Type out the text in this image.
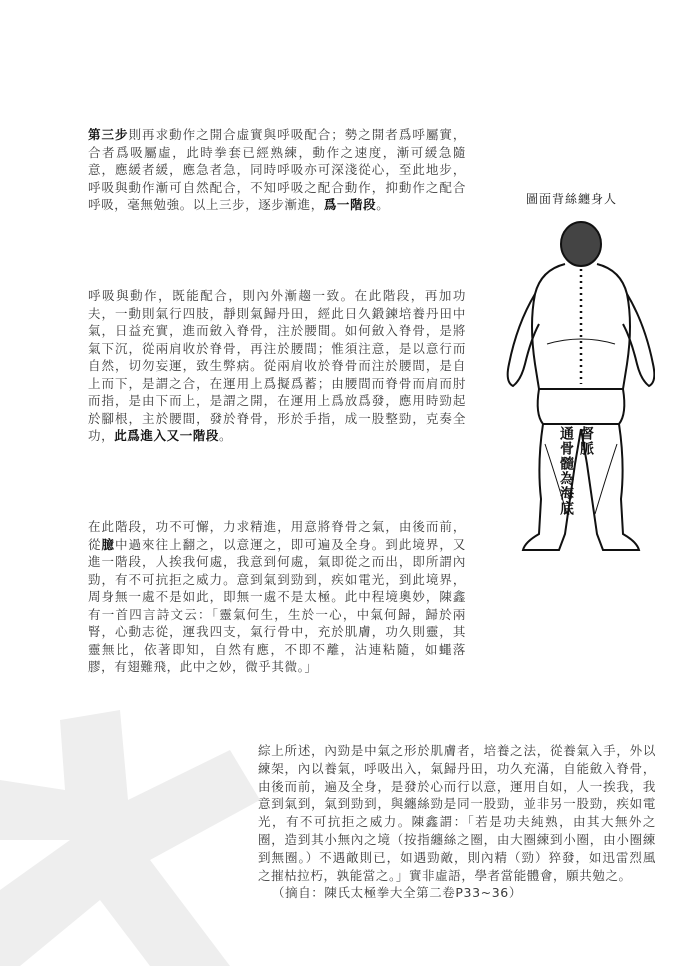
第三步則再求動作之開合虛實與呼吸配合；勢之開者爲呼屬實，合者爲吸屬虛，此時拳套已經熟練，動作之速度，漸可緩急隨意，應緩者緩，應急者急，同時呼吸亦可深淺從心，至此地步，呼吸與動作漸可自然配合，不知呼吸之配合動作，抑動作之配合呼吸，毫無勉強。以上三步，逐步漸進，爲一階段。
呼吸與動作，既能配合，則內外漸趨一致。在此階段，再加功夫，一動則氣行四肢，靜則氣歸丹田，經此日久鍛鍊培養丹田中氣，日益充實，進而斂入脊骨，注於腰間。如何斂入脊骨，是將氣下沉，從兩肩收於脊骨，再注於腰間；惟須注意，是以意行而自然，切勿妄運，致生弊病。從兩肩收於脊骨而注於腰間，是自上而下，是謂之合，在運用上爲擬爲蓄；由腰間而脊骨而肩而肘而指，是由下而上，是謂之開，在運用上爲放爲發，應用時勁起於腳根，主於腰間，發於脊骨，形於手指，成一股整勁，克奏全功，此爲進入又一階段。
在此階段，功不可懈，力求精進，用意將脊骨之氣，由後而前，從臆中過來往上翻之，以意運之，即可遍及全身。到此境界，又進一階段，人挨我何處，我意到何處，氣即從之而出，即所謂內勁，有不可抗拒之威力。意到氣到勁到，疾如電光，到此境界，周身無一處不是如此，即無一處不是太極。此中程境奧妙，陳鑫有一首四言詩文云：「靈氣何生，生於一心，中氣何歸，歸於兩腎，心動志從，運我四支，氣行骨中，充於肌膚，功久則靈，其靈無比，依著即知，自然有應，不即不離，沾連粘隨，如蠅落膠，有翅難飛，此中之妙，微乎其微。」
綜上所述，內勁是中氣之形於肌膚者，培養之法，從養氣入手，外以練架，內以養氣，呼吸出入，氣歸丹田，功久充滿，自能斂入脊骨，由後而前，遍及全身，是發於心而行以意，運用自如，人一挨我，我意到氣到，氣到勁到，與纏絲勁是同一股勁，並非另一股勁，疾如電光，有不可抗拒之威力。陳鑫謂：「若是功夫純熟，由其大無外之圈，造到其小無內之境（按指纏絲之圈，由大圈練到小圈，由小圈練到無圈。）不遇敵則已，如遇勁敵，則內精（勁）猝發，如迅雷烈風之摧枯拉朽，孰能當之。」實非虛語，學者當能體會，願共勉之。
（摘自：陳氏太極拳大全第二卷P33~36）
圖面背絲纏身人
督脈
通骨髓為海底
